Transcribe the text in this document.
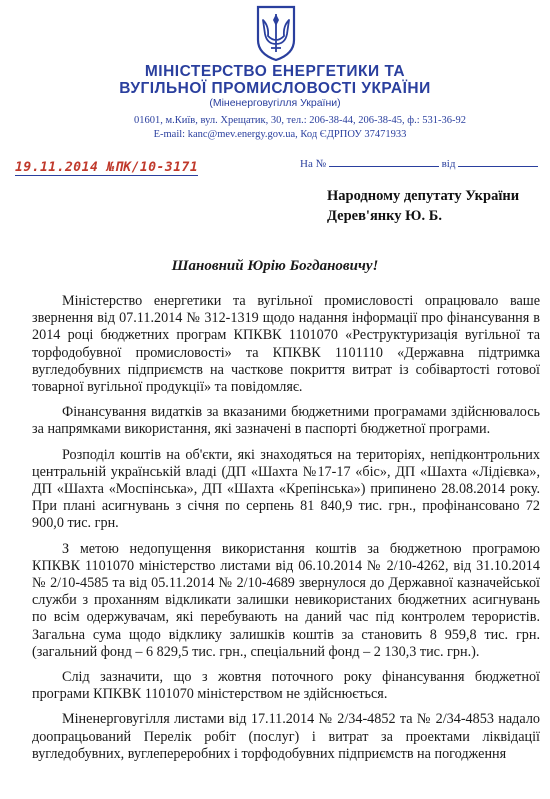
МІНІСТЕРСТВО ЕНЕРГЕТИКИ ТА
ВУГІЛЬНОЇ ПРОМИСЛОВОСТІ УКРАЇНИ
(Міненерговугілля України)
01601, м.Київ, вул. Хрещатик, 30, тел.: 206-38-44, 206-38-45, ф.: 531-36-92
E-mail: kanc@mev.energy.gov.ua, Код ЄДРПОУ 37471933
19.11.2014 №ПК/10-3171	На №	від
Народному депутату України
Дерев'янку Ю. Б.
Шановний Юрію Богдановичу!

Міністерство енергетики та вугільної промисловості опрацювало ваше звернення від 07.11.2014 № 312-1319 щодо надання інформації про фінансування в 2014 році бюджетних програм КПКВК 1101070 «Реструктуризація вугільної та торфодобувної промисловості» та КПКВК 1101110 «Державна підтримка вугледобувних підприємств на часткове покриття витрат із собівартості готової товарної вугільної продукції» та повідомляє.

Фінансування видатків за вказаними бюджетними програмами здійснювалось за напрямками використання, які зазначені в паспорті бюджетної програми.

Розподіл коштів на об'єкти, які знаходяться на територіях, непідконтрольних центральній українській владі (ДП «Шахта №17-17 «біс», ДП «Шахта «Лідієвка», ДП «Шахта «Моспінська», ДП «Шахта «Крепінська») припинено 28.08.2014 року. При плані асигнувань з січня по серпень 81 840,9 тис. грн., профінансовано 72 900,0 тис. грн.

З метою недопущення використання коштів за бюджетною програмою КПКВК 1101070 міністерство листами від 06.10.2014 № 2/10-4262, від 31.10.2014 № 2/10-4585 та від 05.11.2014 № 2/10-4689 звернулося до Державної казначейської служби з проханням відкликати залишки невикористаних бюджетних асигнувань по всім одержувачам, які перебувають на даний час під контролем терористів. Загальна сума щодо відклику залишків коштів за становить 8 959,8 тис. грн. (загальний фонд – 6 829,5 тис. грн., спеціальний фонд – 2 130,3 тис. грн.).

Слід зазначити, що з жовтня поточного року фінансування бюджетної програми КПКВК 1101070 міністерством не здійснюється.

Міненерговугілля листами від 17.11.2014 № 2/34-4852 та № 2/34-4853 надало доопрацьований Перелік робіт (послуг) і витрат за проектами ліквідації вугледобувних, вуглепереробних і торфодобувних підприємств на погодження
